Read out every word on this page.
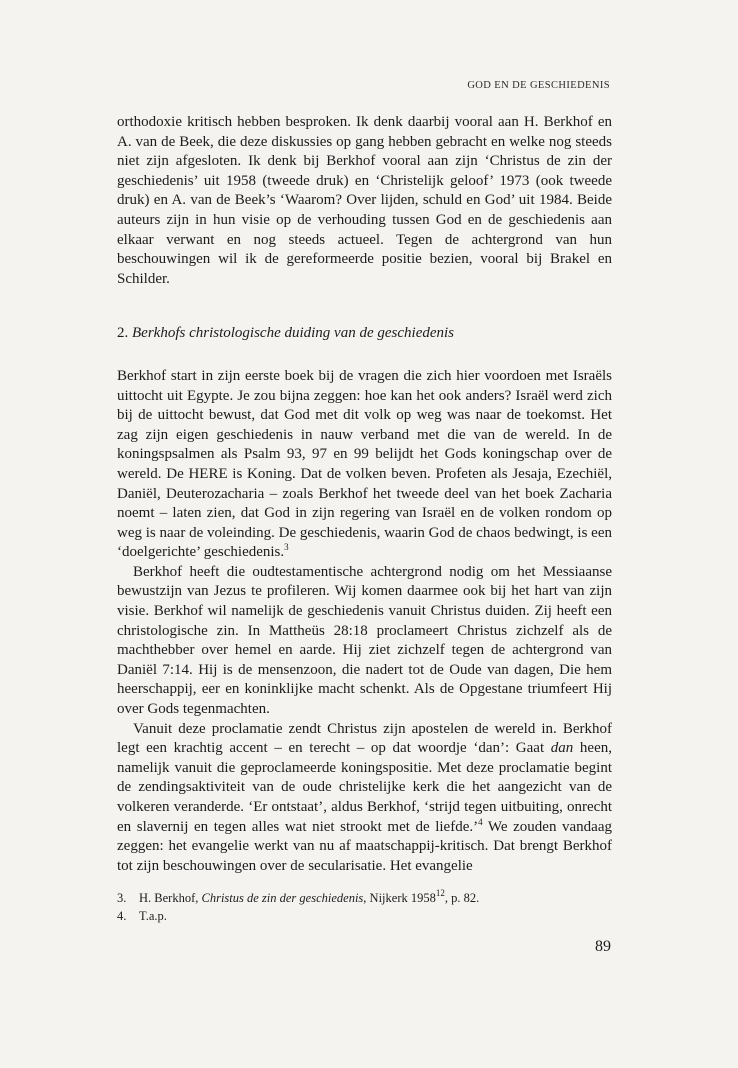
GOD EN DE GESCHIEDENIS

orthodoxie kritisch hebben besproken. Ik denk daarbij vooral aan H. Berkhof en A. van de Beek, die deze diskussies op gang hebben gebracht en welke nog steeds niet zijn afgesloten. Ik denk bij Berkhof vooral aan zijn ‘Christus de zin der geschiedenis’ uit 1958 (tweede druk) en ‘Christelijk geloof’ 1973 (ook tweede druk) en A. van de Beek’s ‘Waarom? Over lijden, schuld en God’ uit 1984. Beide auteurs zijn in hun visie op de verhouding tussen God en de geschiedenis aan elkaar verwant en nog steeds actueel. Tegen de achtergrond van hun beschouwingen wil ik de gereformeerde positie bezien, vooral bij Brakel en Schilder.

2. Berkhofs christologische duiding van de geschiedenis

Berkhof start in zijn eerste boek bij de vragen die zich hier voordoen met Israëls uittocht uit Egypte. Je zou bijna zeggen: hoe kan het ook anders? Israël werd zich bij de uittocht bewust, dat God met dit volk op weg was naar de toekomst. Het zag zijn eigen geschiedenis in nauw verband met die van de wereld. In de koningspsalmen als Psalm 93, 97 en 99 belijdt het Gods koningschap over de wereld. De HERE is Koning. Dat de volken beven. Profeten als Jesaja, Ezechiël, Daniël, Deuterozacharia – zoals Berkhof het tweede deel van het boek Zacharia noemt – laten zien, dat God in zijn regering van Israël en de volken rondom op weg is naar de voleinding. De geschiedenis, waarin God de chaos bedwingt, is een ‘doelgerichte’ geschiedenis.$^3$

Berkhof heeft die oudtestamentische achtergrond nodig om het Messiaanse bewustzijn van Jezus te profileren. Wij komen daarmee ook bij het hart van zijn visie. Berkhof wil namelijk de geschiedenis vanuit Christus duiden. Zij heeft een christologische zin. In Mattheüs 28:18 proclameert Christus zichzelf als de machthebber over hemel en aarde. Hij ziet zichzelf tegen de achtergrond van Daniël 7:14. Hij is de mensenzoon, die nadert tot de Oude van dagen, Die hem heerschappij, eer en koninklijke macht schenkt. Als de Opgestane triumfeert Hij over Gods tegenmachten.

Vanuit deze proclamatie zendt Christus zijn apostelen de wereld in. Berkhof legt een krachtig accent – en terecht – op dat woordje ‘dan’: Gaat dan heen, namelijk vanuit die geproclameerde koningspositie. Met deze proclamatie begint de zendingsaktiviteit van de oude christelijke kerk die het aangezicht van de volkeren veranderde. ‘Er ontstaat’, aldus Berkhof, ‘strijd tegen uitbuiting, onrecht en slavernij en tegen alles wat niet strookt met de liefde.’$^4$ We zouden vandaag zeggen: het evangelie werkt van nu af maatschappij-kritisch. Dat brengt Berkhof tot zijn beschouwingen over de secularisatie. Het evangelie

3.	H. Berkhof, Christus de zin der geschiedenis, Nijkerk 1958$^{12}$, p. 82.
4.	T.a.p.
89
